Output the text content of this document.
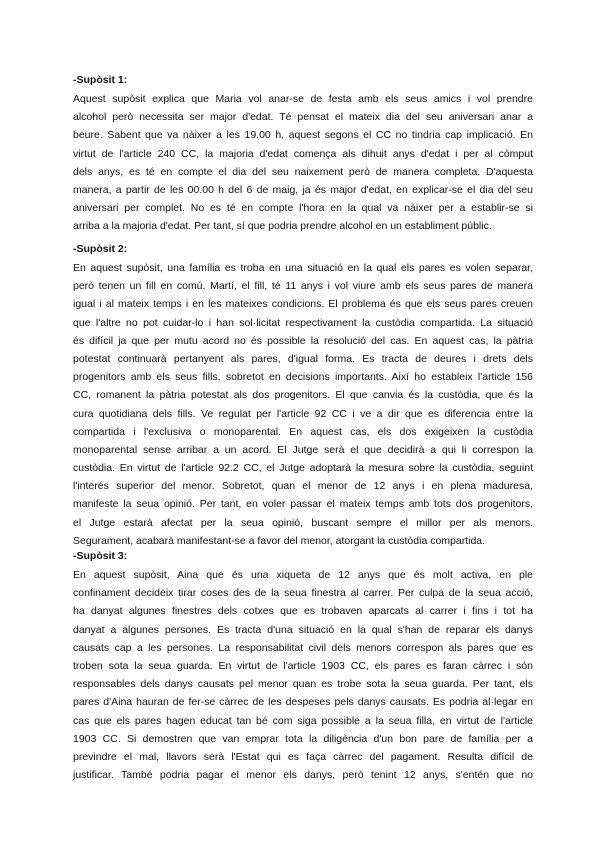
-Supòsit 1:
Aquest supòsit explica que Maria vol anar-se de festa amb els seus amics i vol prendre
alcohol però necessita ser major d'edat. Té pensat el mateix dia del seu aniversari anar a
beure. Sabent que va nàixer a les 19.00 h, aquest segons el CC no tindria cap implicació. En
virtut de l'article 240 CC, la majoria d'edat comença als dihuit anys d'edat i per al còmput
dels anys, es té en compte el dia del seu naixement però de manera completa. D'aquesta
manera, a partir de les 00.00 h del 6 de maig, ja és major d'edat, en explicar-se el dia del seu
aniversari per complet. No es té en compte l'hora en la qual va nàixer per a establir-se si
arriba a la majoria d'edat. Per tant, sí que podria prendre alcohol en un establiment públic.
-Supòsit 2:
En aquest supòsit, una família es troba en una situació en la qual els pares es volen separar,
però tenen un fill en comú. Martí, el fill, té 11 anys i vol viure amb els seus pares de manera
igual i al mateix temps i en les mateixes condicions. El problema és que els seus pares creuen
que l'altre no pot cuidar-lo i han sol·licitat respectivament la custòdia compartida. La situació
és difícil ja que per mutu acord no és possible la resolució del cas. En aquest cas, la pàtria
potestat continuarà pertanyent als pares, d'igual forma. Es tracta de deures i drets dels
progenitors amb els seus fills, sobretot en decisions importants. Així ho estableix l'article 156
CC, romanent la pàtria potestat als dos progenitors. El que canvia és la custòdia, que és la
cura quotidiana dels fills. Ve regulat per l'article 92 CC i ve a dir que es diferencia entre la
compartida i l'exclusiva o monoparental. En aquest cas, els dos exigeixen la custòdia
monoparental sense arribar a un acord. El Jutge serà el que decidirà a qui li correspon la
custòdia. En virtut de l'article 92.2 CC, el Jutge adoptarà la mesura sobre la custòdia, seguint
l'interés superior del menor. Sobretot, quan el menor de 12 anys i en plena maduresa,
manifeste la seua opinió. Per tant, en voler passar el mateix temps amb tots dos progenitors,
el Jutge estarà afectat per la seua opinió, buscant sempre el millor per als menors.
Segurament, acabarà manifestant-se a favor del menor, atorgant la custòdia compartida.
-Supòsit 3:
En aquest supòsit, Aina que és una xiqueta de 12 anys que és molt activa, en ple
confinament decideix tirar coses des de la seua finestra al carrer. Per culpa de la seua acció,
ha danyat algunes finestres dels cotxes que es trobaven aparcats al carrer i fins i tot ha
danyat a algunes persones. Es tracta d'una situació en la qual s'han de reparar els danys
causats cap a les persones. La responsabilitat civil dels menors correspon als pares que es
troben sota la seua guarda. En virtut de l'article 1903 CC, els pares es faran càrrec i són
responsables dels danys causats pel menor quan es trobe sota la seua guarda. Per tant, els
pares d'Aina hauran de fer-se càrrec de les despeses pels danys causats. Es podria al·legar en
cas que els pares hagen educat tan bé com siga possible a la seua filla, en virtut de l'article
1903 CC. Si demostren que van emprar tota la diligència d'un bon pare de família per a
previndre el mal, llavors serà l'Estat qui es faça càrrec del pagament. Resulta difícil de
justificar. També podria pagar el menor els danys, però tenint 12 anys, s'entén que no
